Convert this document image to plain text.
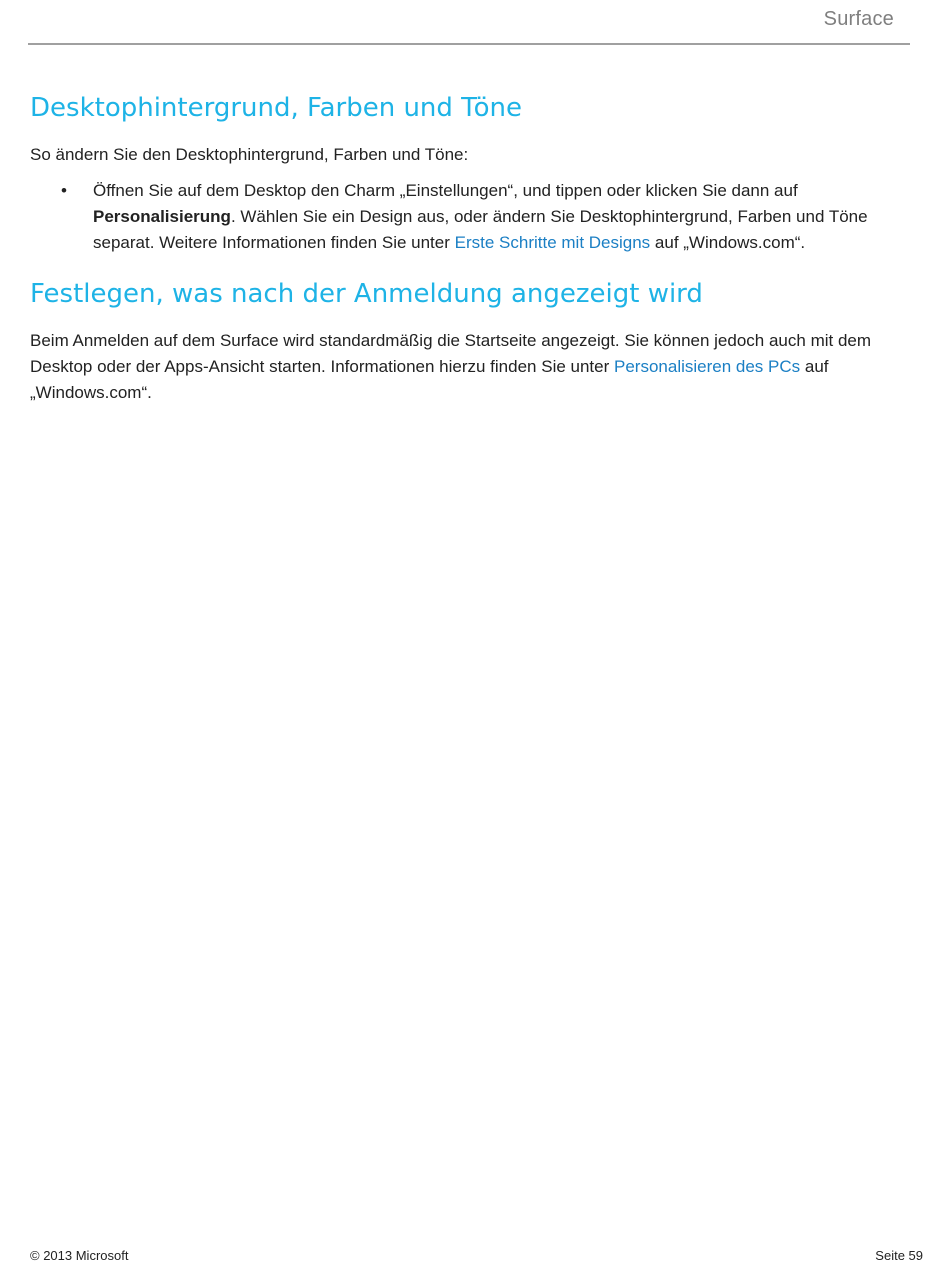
Surface
Desktophintergrund, Farben und Töne

So ändern Sie den Desktophintergrund, Farben und Töne:

• Öffnen Sie auf dem Desktop den Charm „Einstellungen“, und tippen oder klicken Sie dann auf Personalisierung. Wählen Sie ein Design aus, oder ändern Sie Desktophintergrund, Farben und Töne separat. Weitere Informationen finden Sie unter Erste Schritte mit Designs auf „Windows.com“.
Festlegen, was nach der Anmeldung angezeigt wird

Beim Anmelden auf dem Surface wird standardmäßig die Startseite angezeigt. Sie können jedoch auch mit dem Desktop oder der Apps-Ansicht starten. Informationen hierzu finden Sie unter Personalisieren des PCs auf „Windows.com“.

© 2013 Microsoft	Seite 59
